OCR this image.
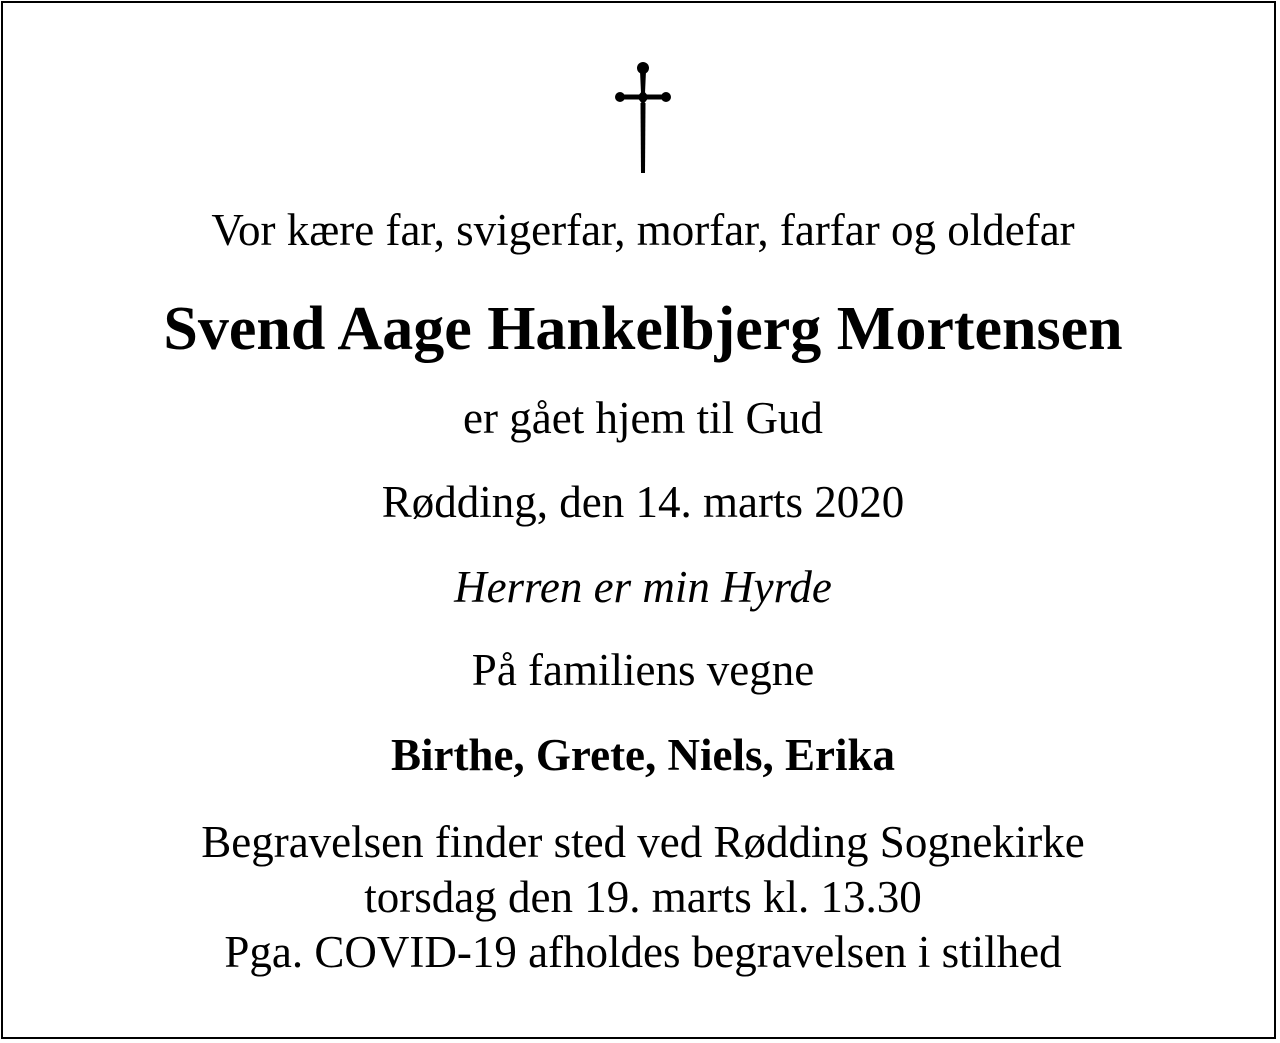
Vor kære far, svigerfar, morfar, farfar og oldefar
Svend Aage Hankelbjerg Mortensen
er gået hjem til Gud
Rødding, den 14. marts 2020
Herren er min Hyrde
På familiens vegne
Birthe, Grete, Niels, Erika
Begravelsen finder sted ved Rødding Sognekirke
torsdag den 19. marts kl. 13.30
Pga. COVID-19 afholdes begravelsen i stilhed
